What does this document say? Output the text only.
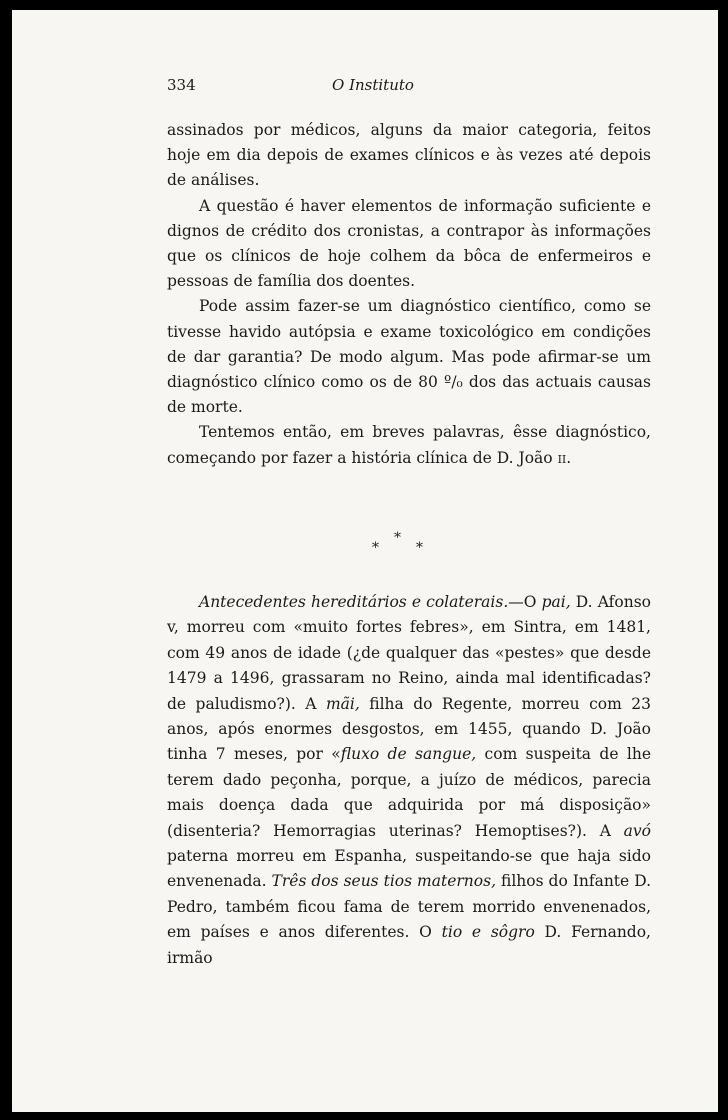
334	O Instituto

assinados por médicos, alguns da maior categoria, feitos hoje em dia depois de exames clínicos e às vezes até depois de análises.

A questão é haver elementos de informação suficiente e dignos de crédito dos cronistas, a contrapor às informações que os clínicos de hoje colhem da bôca de enfermeiros e pessoas de família dos doentes.

Pode assim fazer-se um diagnóstico científico, como se tivesse havido autópsia e exame toxicológico em condições de dar garantia? De modo algum. Mas pode afirmar-se um diagnóstico clínico como os de 80 º/₀ dos das actuais causas de morte.

Tentemos então, em breves palavras, êsse diagnóstico, começando por fazer a história clínica de D. João ii.

*
*	*

Antecedentes hereditários e colaterais.—O pai, D. Afonso v, morreu com «muito fortes febres», em Sintra, em 1481, com 49 anos de idade (¿de qualquer das «pestes» que desde 1479 a 1496, grassaram no Reino, ainda mal identificadas? de paludismo?). A mãi, filha do Regente, morreu com 23 anos, após enormes desgostos, em 1455, quando D. João tinha 7 meses, por «fluxo de sangue, com suspeita de lhe terem dado peçonha, porque, a juízo de médicos, parecia mais doença dada que adquirida por má disposição» (disenteria? Hemorragias uterinas? Hemoptises?). A avó paterna morreu em Espanha, suspeitando-se que haja sido envenenada. Três dos seus tios maternos, filhos do Infante D. Pedro, também ficou fama de terem morrido envenenados, em países e anos diferentes. O tio e sôgro D. Fernando, irmão
